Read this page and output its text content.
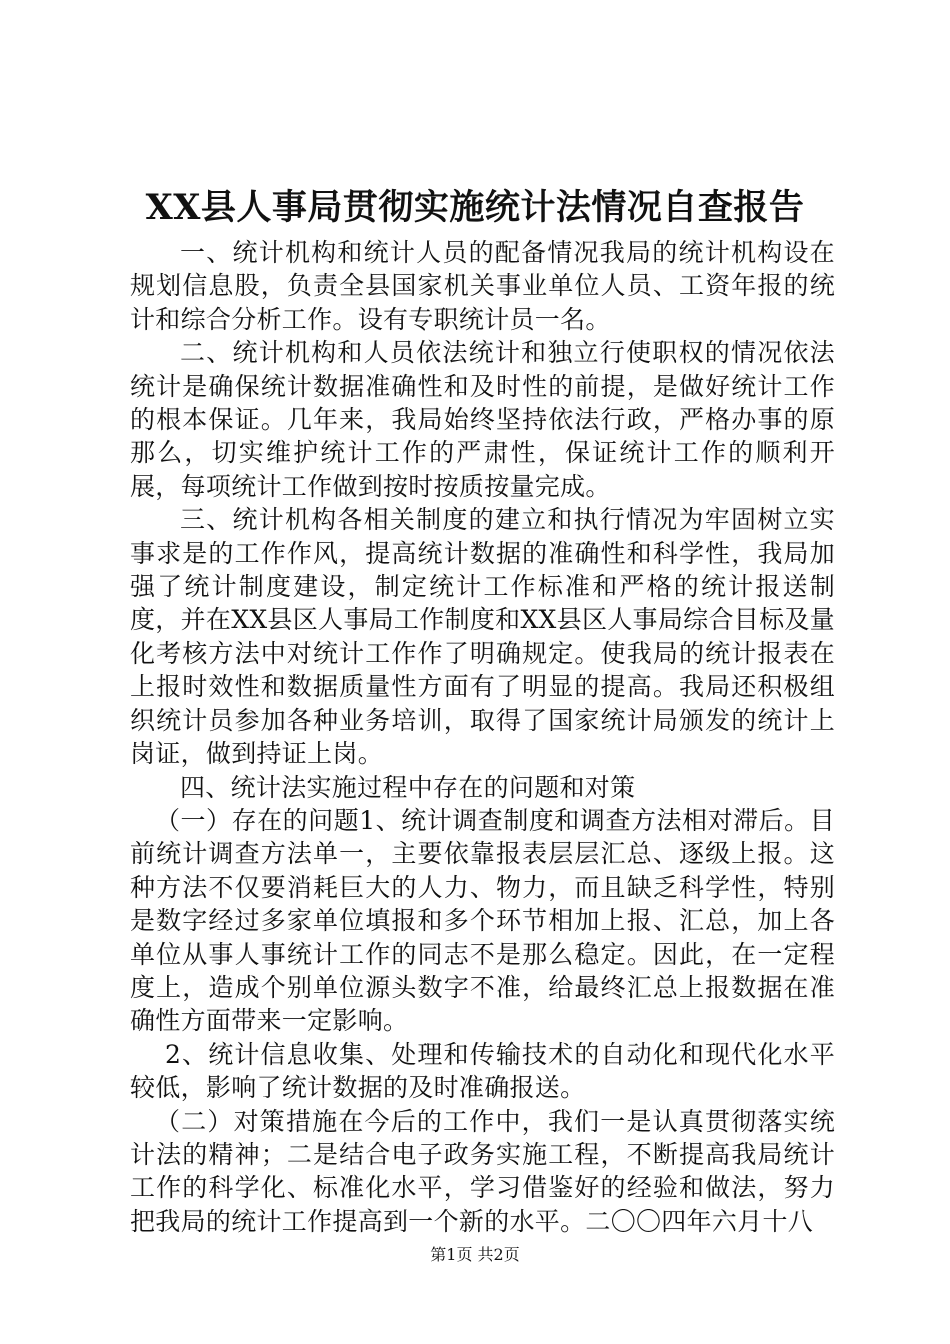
XX县人事局贯彻实施统计法情况自查报告

一、统计机构和统计人员的配备情况我局的统计机构设在规划信息股，负责全县国家机关事业单位人员、工资年报的统计和综合分析工作。设有专职统计员一名。

二、统计机构和人员依法统计和独立行使职权的情况依法统计是确保统计数据准确性和及时性的前提，是做好统计工作的根本保证。几年来，我局始终坚持依法行政，严格办事的原那么，切实维护统计工作的严肃性，保证统计工作的顺利开展，每项统计工作做到按时按质按量完成。

三、统计机构各相关制度的建立和执行情况为牢固树立实事求是的工作作风，提高统计数据的准确性和科学性，我局加强了统计制度建设，制定统计工作标准和严格的统计报送制度，并在XX县区人事局工作制度和XX县区人事局综合目标及量化考核方法中对统计工作作了明确规定。使我局的统计报表在上报时效性和数据质量性方面有了明显的提高。我局还积极组织统计员参加各种业务培训，取得了国家统计局颁发的统计上岗证，做到持证上岗。

四、统计法实施过程中存在的问题和对策

（一）存在的问题1、统计调查制度和调查方法相对滞后。目前统计调查方法单一，主要依靠报表层层汇总、逐级上报。这种方法不仅要消耗巨大的人力、物力，而且缺乏科学性，特别是数字经过多家单位填报和多个环节相加上报、汇总，加上各单位从事人事统计工作的同志不是那么稳定。因此，在一定程度上，造成个别单位源头数字不准，给最终汇总上报数据在准确性方面带来一定影响。

2、统计信息收集、处理和传输技术的自动化和现代化水平较低，影响了统计数据的及时准确报送。

（二）对策措施在今后的工作中，我们一是认真贯彻落实统计法的精神；二是结合电子政务实施工程，不断提高我局统计工作的科学化、标准化水平，学习借鉴好的经验和做法，努力把我局的统计工作提高到一个新的水平。二〇〇四年六月十八

第1页 共2页
